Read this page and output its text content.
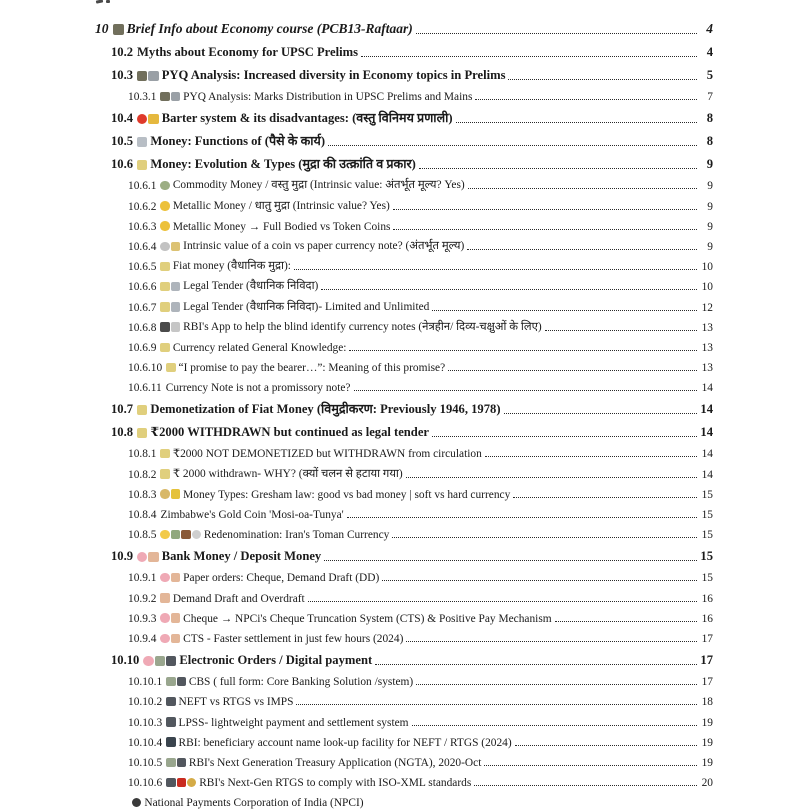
10 Brief Info about Economy course (PCB13-Raftaar)	4
10.2 Myths about Economy for UPSC Prelims	4
10.3 PYQ Analysis: Increased diversity in Economy topics in Prelims	5
10.3.1 PYQ Analysis: Marks Distribution in UPSC Prelims and Mains	7
10.4 Barter system & its disadvantages: (वस्तु विनिमय प्रणाली)	8
10.5 Money: Functions of (पैसे के कार्य)	8
10.6 Money: Evolution & Types (मुद्रा की उत्क्रांति व प्रकार)	9
10.6.1 Commodity Money / वस्तु मुद्रा (Intrinsic value: अंतर्भूत मूल्य? Yes)	9
10.6.2 Metallic Money / धातु मुद्रा (Intrinsic value? Yes)	9
10.6.3 Metallic Money → Full Bodied vs Token Coins	9
10.6.4 Intrinsic value of a coin vs paper currency note? (अंतर्भूत मूल्य)	9
10.6.5 Fiat money (वैधानिक मुद्रा):	10
10.6.6 Legal Tender (वैधानिक निविदा)	10
10.6.7 Legal Tender (वैधानिक निविदा)- Limited and Unlimited	12
10.6.8 RBI's App to help the blind identify currency notes (नेत्रहीन/ दिव्य-चक्षुओं के लिए)	13
10.6.9 Currency related General Knowledge:	13
10.6.10 “I promise to pay the bearer…”: Meaning of this promise?	13
10.6.11 Currency Note is not a promissory note?	14
10.7 Demonetization of Fiat Money (विमुद्रीकरण: Previously 1946, 1978)	14
10.8 ₹2000 WITHDRAWN but continued as legal tender	14
10.8.1 ₹2000 NOT DEMONETIZED but WITHDRAWN from circulation	14
10.8.2 ₹ 2000 withdrawn- WHY? (क्यों चलन से हटाया गया)	14
10.8.3 Money Types: Gresham law: good vs bad money | soft vs hard currency	15
10.8.4 Zimbabwe's Gold Coin 'Mosi-oa-Tunya'	15
10.8.5	Redenomination: Iran's Toman Currency	15
10.9 Bank Money / Deposit Money	15
10.9.1 Paper orders: Cheque, Demand Draft (DD)	15
10.9.2 Demand Draft and Overdraft	16
10.9.3 Cheque → NPCi's Cheque Truncation System (CTS) & Positive Pay Mechanism	16
10.9.4 CTS - Faster settlement in just few hours (2024)	17
10.10	Electronic Orders / Digital payment	17
10.10.1 CBS ( full form: Core Banking Solution /system)	17
10.10.2 NEFT vs RTGS vs IMPS	18
10.10.3 LPSS- lightweight payment and settlement system	19
10.10.4 RBI: beneficiary account name look-up facility for NEFT / RTGS (2024)	19
10.10.5 RBI's Next Generation Treasury Application (NGTA), 2020-Oct	19
10.10.6	RBI's Next-Gen RTGS to comply with ISO-XML standards	20
National Payments Corporation of India (NPCI)
